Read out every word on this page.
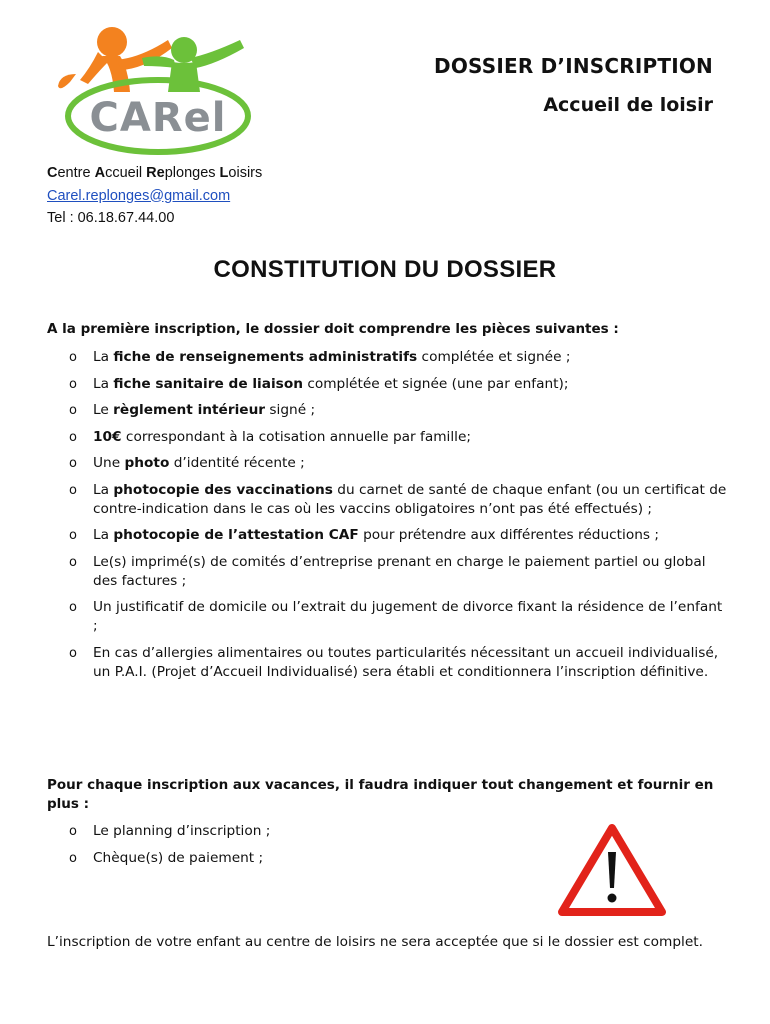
CARel
DOSSIER D’INSCRIPTION
Accueil de loisir
Centre Accueil Replonges Loisirs
Carel.replonges@gmail.com
Tel : 06.18.67.44.00
CONSTITUTION DU DOSSIER

A la première inscription, le dossier doit comprendre les pièces suivantes :

o La fiche de renseignements administratifs complétée et signée ;
o La fiche sanitaire de liaison complétée et signée (une par enfant);
o Le règlement intérieur signé ;
o 10€ correspondant à la cotisation annuelle par famille;
o Une photo d’identité récente ;
o La photocopie des vaccinations du carnet de santé de chaque enfant (ou un certificat de contre-indication dans le cas où les vaccins obligatoires n’ont pas été effectués) ;
o La photocopie de l’attestation CAF pour prétendre aux différentes réductions ;
o Le(s) imprimé(s) de comités d’entreprise prenant en charge le paiement partiel ou global des factures ;
o Un justificatif de domicile ou l’extrait du jugement de divorce fixant la résidence de l’enfant ;
o En cas d’allergies alimentaires ou toutes particularités nécessitant un accueil individualisé, un P.A.I. (Projet d’Accueil Individualisé) sera établi et conditionnera l’inscription définitive.

Pour chaque inscription aux vacances, il faudra indiquer tout changement et fournir en plus :

o Le planning d’inscription ;
o Chèque(s) de paiement ;
L’inscription de votre enfant au centre de loisirs ne sera acceptée que si le dossier est complet.
